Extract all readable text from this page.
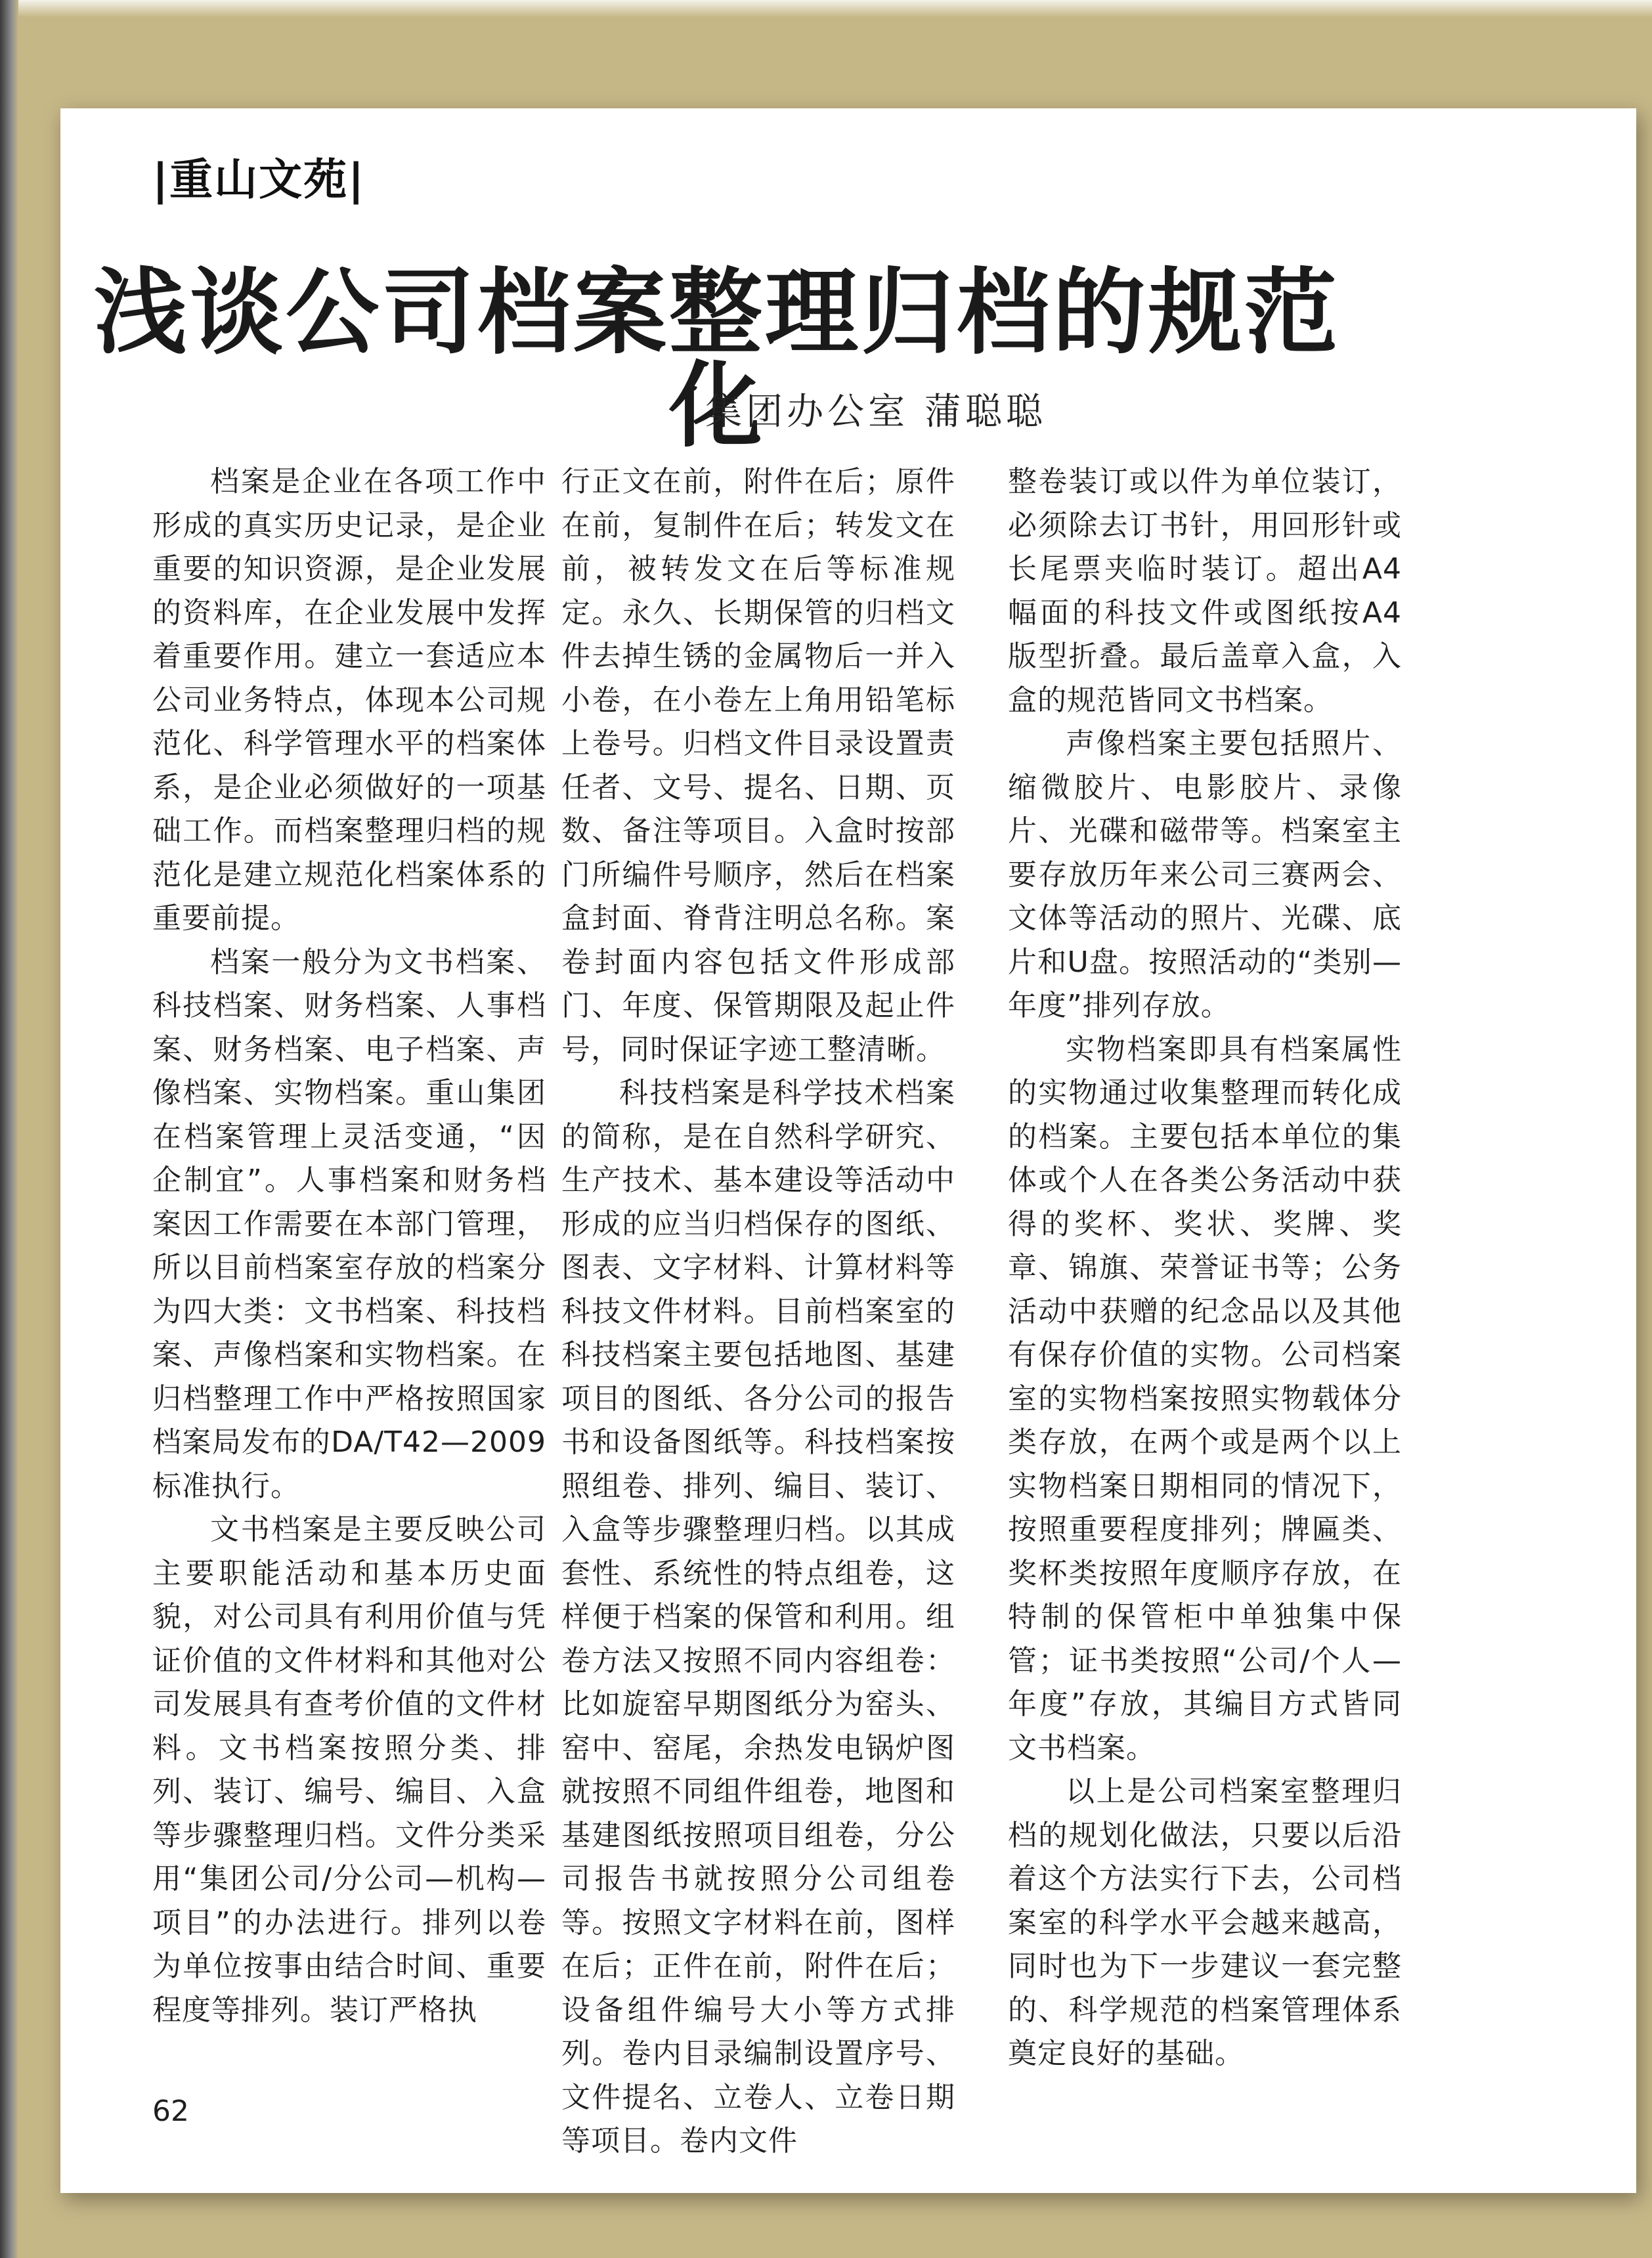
|重山文苑|
浅谈公司档案整理归档的规范化
集团办公室 蒲聪聪

档案是企业在各项工作中形成的真实历史记录，是企业重要的知识资源，是企业发展的资料库，在企业发展中发挥着重要作用。建立一套适应本公司业务特点，体现本公司规范化、科学管理水平的档案体系，是企业必须做好的一项基础工作。而档案整理归档的规范化是建立规范化档案体系的重要前提。

档案一般分为文书档案、科技档案、财务档案、人事档案、财务档案、电子档案、声像档案、实物档案。重山集团在档案管理上灵活变通，“因企制宜”。人事档案和财务档案因工作需要在本部门管理，所以目前档案室存放的档案分为四大类：文书档案、科技档案、声像档案和实物档案。在归档整理工作中严格按照国家档案局发布的DA/T42—2009标准执行。

文书档案是主要反映公司主要职能活动和基本历史面貌，对公司具有利用价值与凭证价值的文件材料和其他对公司发展具有查考价值的文件材料。文书档案按照分类、排列、装订、编号、编目、入盒等步骤整理归档。文件分类采用“集团公司/分公司—机构—项目”的办法进行。排列以卷为单位按事由结合时间、重要程度等排列。装订严格执

行正文在前，附件在后；原件在前，复制件在后；转发文在前，被转发文在后等标准规定。永久、长期保管的归档文件去掉生锈的金属物后一并入小卷，在小卷左上角用铅笔标上卷号。归档文件目录设置责任者、文号、提名、日期、页数、备注等项目。入盒时按部门所编件号顺序，然后在档案盒封面、脊背注明总名称。案卷封面内容包括文件形成部门、年度、保管期限及起止件号，同时保证字迹工整清晰。

科技档案是科学技术档案的简称，是在自然科学研究、生产技术、基本建设等活动中形成的应当归档保存的图纸、图表、文字材料、计算材料等科技文件材料。目前档案室的科技档案主要包括地图、基建项目的图纸、各分公司的报告书和设备图纸等。科技档案按照组卷、排列、编目、装订、入盒等步骤整理归档。以其成套性、系统性的特点组卷，这样便于档案的保管和利用。组卷方法又按照不同内容组卷：比如旋窑早期图纸分为窑头、窑中、窑尾，余热发电锅炉图就按照不同组件组卷，地图和基建图纸按照项目组卷，分公司报告书就按照分公司组卷等。按照文字材料在前，图样在后；正件在前，附件在后；设备组件编号大小等方式排列。卷内目录编制设置序号、文件提名、立卷人、立卷日期等项目。卷内文件

整卷装订或以件为单位装订，必须除去订书针，用回形针或长尾票夹临时装订。超出A4幅面的科技文件或图纸按A4版型折叠。最后盖章入盒，入盒的规范皆同文书档案。

声像档案主要包括照片、缩微胶片、电影胶片、录像片、光碟和磁带等。档案室主要存放历年来公司三赛两会、文体等活动的照片、光碟、底片和U盘。按照活动的“类别—年度”排列存放。

实物档案即具有档案属性的实物通过收集整理而转化成的档案。主要包括本单位的集体或个人在各类公务活动中获得的奖杯、奖状、奖牌、奖章、锦旗、荣誉证书等；公务活动中获赠的纪念品以及其他有保存价值的实物。公司档案室的实物档案按照实物载体分类存放，在两个或是两个以上实物档案日期相同的情况下，按照重要程度排列；牌匾类、奖杯类按照年度顺序存放，在特制的保管柜中单独集中保管；证书类按照“公司/个人—年度”存放，其编目方式皆同文书档案。

以上是公司档案室整理归档的规划化做法，只要以后沿着这个方法实行下去，公司档案室的科学水平会越来越高，同时也为下一步建议一套完整的、科学规范的档案管理体系奠定良好的基础。

62
